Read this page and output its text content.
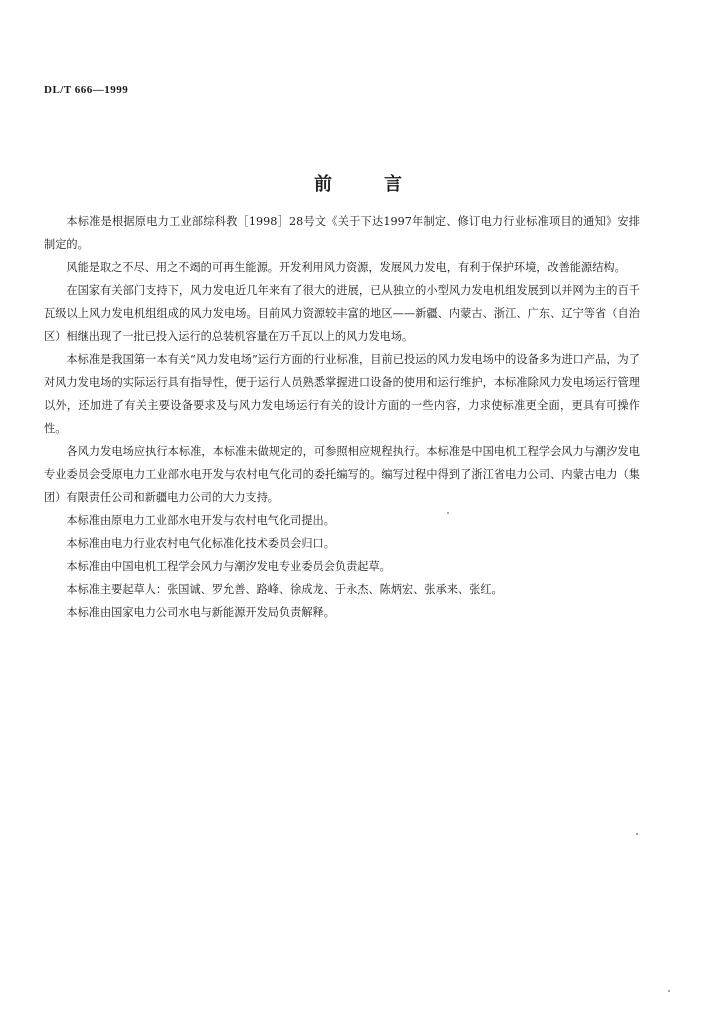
DL/T 666—1999
前	言

本标准是根据原电力工业部综科教［1998］28号文《关于下达1997年制定、修订电力行业标准项目的通知》安排制定的。

风能是取之不尽、用之不竭的可再生能源。开发利用风力资源，发展风力发电，有利于保护环境，改善能源结构。

在国家有关部门支持下，风力发电近几年来有了很大的进展，已从独立的小型风力发电机组发展到以并网为主的百千瓦级以上风力发电机组组成的风力发电场。目前风力资源较丰富的地区——新疆、内蒙古、浙江、广东、辽宁等省（自治区）相继出现了一批已投入运行的总装机容量在万千瓦以上的风力发电场。

本标准是我国第一本有关“风力发电场”运行方面的行业标准，目前已投运的风力发电场中的设备多为进口产品，为了对风力发电场的实际运行具有指导性，便于运行人员熟悉掌握进口设备的使用和运行维护，本标准除风力发电场运行管理以外，还加进了有关主要设备要求及与风力发电场运行有关的设计方面的一些内容，力求使标准更全面，更具有可操作性。

各风力发电场应执行本标准，本标准未做规定的，可参照相应规程执行。本标准是中国电机工程学会风力与潮汐发电专业委员会受原电力工业部水电开发与农村电气化司的委托编写的。编写过程中得到了浙江省电力公司、内蒙古电力（集团）有限责任公司和新疆电力公司的大力支持。

本标准由原电力工业部水电开发与农村电气化司提出。

本标准由电力行业农村电气化标准化技术委员会归口。

本标准由中国电机工程学会风力与潮汐发电专业委员会负责起草。

本标准主要起草人：张国诚、罗允善、路峰、徐成龙、于永杰、陈炳宏、张承来、张红。

本标准由国家电力公司水电与新能源开发局负责解释。
